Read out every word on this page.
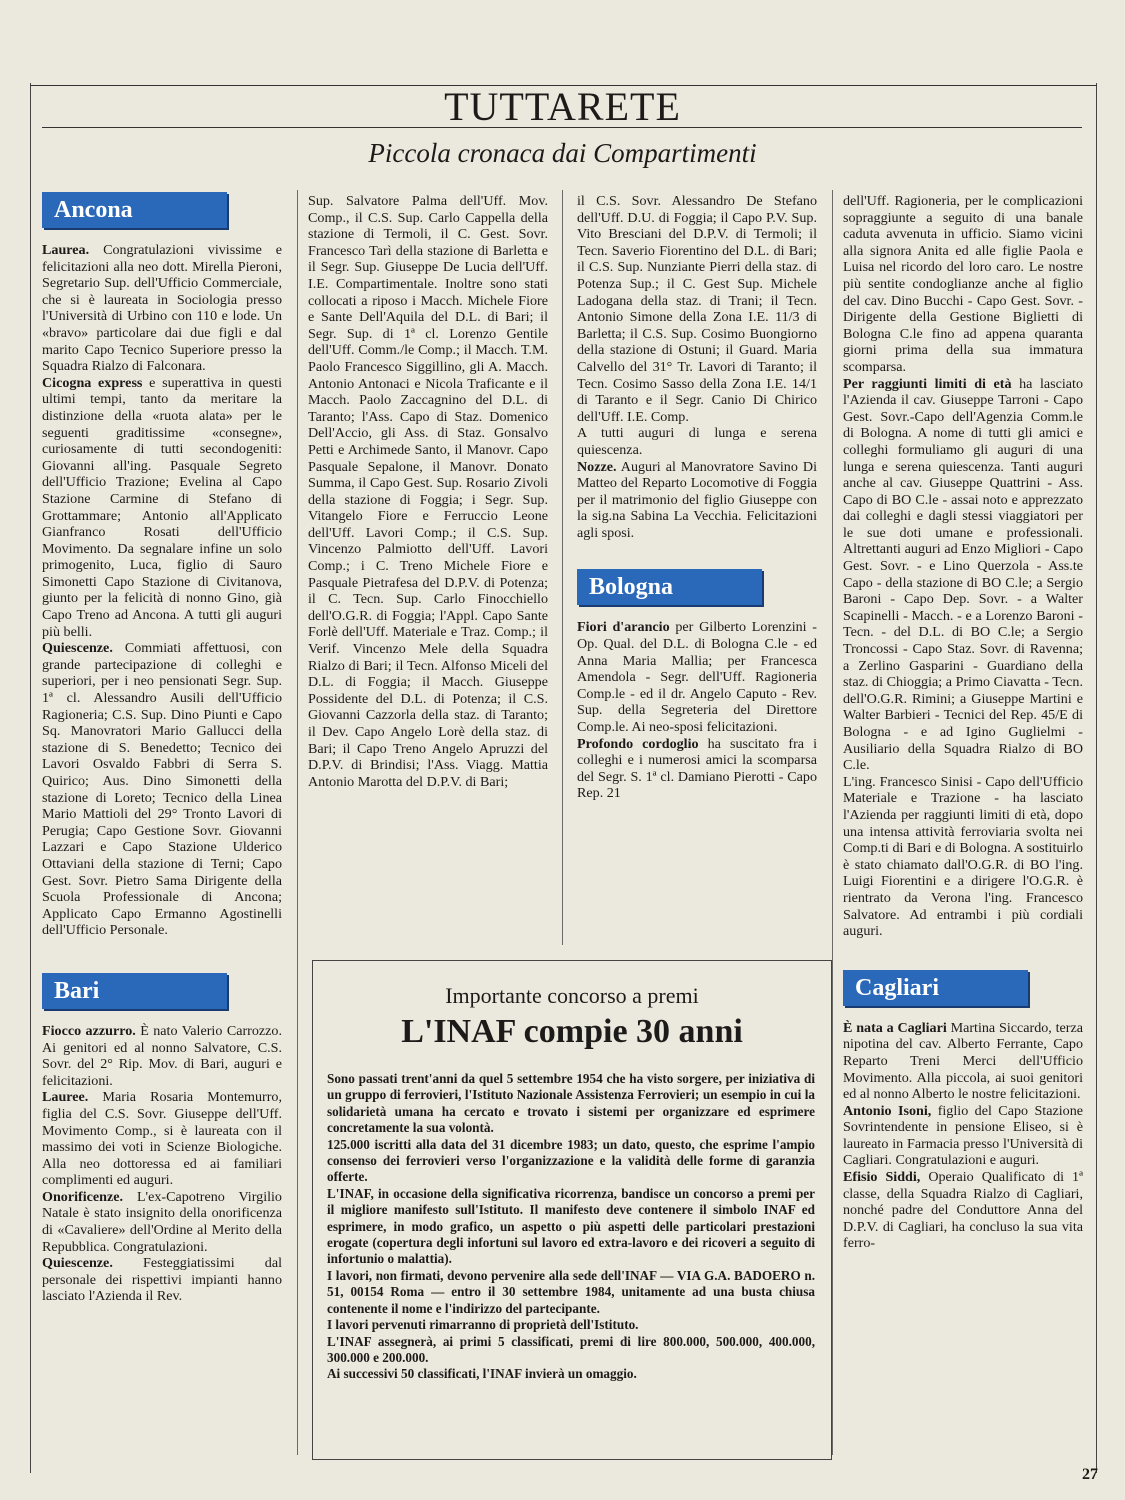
TUTTARETE
Piccola cronaca dai Compartimenti
Ancona

Laurea. Congratulazioni vivissime e felicitazioni alla neo dott. Mirella Pieroni, Segretario Sup. dell'Ufficio Commerciale, che si è laureata in Sociologia presso l'Università di Urbino con 110 e lode. Un «bravo» particolare dai due figli e dal marito Capo Tecnico Superiore presso la Squadra Rialzo di Falconara.

Cicogna express e superattiva in questi ultimi tempi, tanto da meritare la distinzione della «ruota alata» per le seguenti graditissime «consegne», curiosamente di tutti secondogeniti: Giovanni all'ing. Pasquale Segreto dell'Ufficio Trazione; Evelina al Capo Stazione Carmine di Stefano di Grottammare; Antonio all'Applicato Gianfranco Rosati dell'Ufficio Movimento. Da segnalare infine un solo primogenito, Luca, figlio di Sauro Simonetti Capo Stazione di Civitanova, giunto per la felicità di nonno Gino, già Capo Treno ad Ancona. A tutti gli auguri più belli.

Quiescenze. Commiati affettuosi, con grande partecipazione di colleghi e superiori, per i neo pensionati Segr. Sup. 1ª cl. Alessandro Ausili dell'Ufficio Ragioneria; C.S. Sup. Dino Piunti e Capo Sq. Manovratori Mario Gallucci della stazione di S. Benedetto; Tecnico dei Lavori Osvaldo Fabbri di Serra S. Quirico; Aus. Dino Simonetti della stazione di Loreto; Tecnico della Linea Mario Mattioli del 29° Tronto Lavori di Perugia; Capo Gestione Sovr. Giovanni Lazzari e Capo Stazione Ulderico Ottaviani della stazione di Terni; Capo Gest. Sovr. Pietro Sama Dirigente della Scuola Professionale di Ancona; Applicato Capo Ermanno Agostinelli dell'Ufficio Personale.

Bari

Fiocco azzurro. È nato Valerio Carrozzo. Ai genitori ed al nonno Salvatore, C.S. Sovr. del 2° Rip. Mov. di Bari, auguri e felicitazioni.

Lauree. Maria Rosaria Montemurro, figlia del C.S. Sovr. Giuseppe dell'Uff. Movimento Comp., si è laureata con il massimo dei voti in Scienze Biologiche. Alla neo dottoressa ed ai familiari complimenti ed auguri.

Onorificenze. L'ex-Capotreno Virgilio Natale è stato insignito della onorificenza di «Cavaliere» dell'Ordine al Merito della Repubblica. Congratulazioni.

Quiescenze. Festeggiatissimi dal personale dei rispettivi impianti hanno lasciato l'Azienda il Rev.

Sup. Salvatore Palma dell'Uff. Mov. Comp., il C.S. Sup. Carlo Cappella della stazione di Termoli, il C. Gest. Sovr. Francesco Tarì della stazione di Barletta e il Segr. Sup. Giuseppe De Lucia dell'Uff. I.E. Compartimentale. Inoltre sono stati collocati a riposo i Macch. Michele Fiore e Sante Dell'Aquila del D.L. di Bari; il Segr. Sup. di 1ª cl. Lorenzo Gentile dell'Uff. Comm./le Comp.; il Macch. T.M. Paolo Francesco Siggillino, gli A. Macch. Antonio Antonaci e Nicola Traficante e il Macch. Paolo Zaccagnino del D.L. di Taranto; l'Ass. Capo di Staz. Domenico Dell'Accio, gli Ass. di Staz. Gonsalvo Petti e Archimede Santo, il Manovr. Capo Pasquale Sepalone, il Manovr. Donato Summa, il Capo Gest. Sup. Rosario Zivoli della stazione di Foggia; i Segr. Sup. Vitangelo Fiore e Ferruccio Leone dell'Uff. Lavori Comp.; il C.S. Sup. Vincenzo Palmiotto dell'Uff. Lavori Comp.; i C. Treno Michele Fiore e Pasquale Pietrafesa del D.P.V. di Potenza; il C. Tecn. Sup. Carlo Finocchiello dell'O.G.R. di Foggia; l'Appl. Capo Sante Forlè dell'Uff. Materiale e Traz. Comp.; il Verif. Vincenzo Mele della Squadra Rialzo di Bari; il Tecn. Alfonso Miceli del D.L. di Foggia; il Macch. Giuseppe Possidente del D.L. di Potenza; il C.S. Giovanni Cazzorla della staz. di Taranto; il Dev. Capo Angelo Lorè della staz. di Bari; il Capo Treno Angelo Apruzzi del D.P.V. di Brindisi; l'Ass. Viagg. Mattia Antonio Marotta del D.P.V. di Bari;

il C.S. Sovr. Alessandro De Stefano dell'Uff. D.U. di Foggia; il Capo P.V. Sup. Vito Bresciani del D.P.V. di Termoli; il Tecn. Saverio Fiorentino del D.L. di Bari; il C.S. Sup. Nunziante Pierri della staz. di Potenza Sup.; il C. Gest Sup. Michele Ladogana della staz. di Trani; il Tecn. Antonio Simone della Zona I.E. 11/3 di Barletta; il C.S. Sup. Cosimo Buongiorno della stazione di Ostuni; il Guard. Maria Calvello del 31° Tr. Lavori di Taranto; il Tecn. Cosimo Sasso della Zona I.E. 14/1 di Taranto e il Segr. Canio Di Chirico dell'Uff. I.E. Comp.

A tutti auguri di lunga e serena quiescenza.

Nozze. Auguri al Manovratore Savino Di Matteo del Reparto Locomotive di Foggia per il matrimonio del figlio Giuseppe con la sig.na Sabina La Vecchia. Felicitazioni agli sposi.

Bologna

Fiori d'arancio per Gilberto Lorenzini - Op. Qual. del D.L. di Bologna C.le - ed Anna Maria Mallia; per Francesca Amendola - Segr. dell'Uff. Ragioneria Comp.le - ed il dr. Angelo Caputo - Rev. Sup. della Segreteria del Direttore Comp.le. Ai neo-sposi felicitazioni.

Profondo cordoglio ha suscitato fra i colleghi e i numerosi amici la scomparsa del Segr. S. 1ª cl. Damiano Pierotti - Capo Rep. 21

dell'Uff. Ragioneria, per le complicazioni sopraggiunte a seguito di una banale caduta avvenuta in ufficio. Siamo vicini alla signora Anita ed alle figlie Paola e Luisa nel ricordo del loro caro. Le nostre più sentite condoglianze anche al figlio del cav. Dino Bucchi - Capo Gest. Sovr. - Dirigente della Gestione Biglietti di Bologna C.le fino ad appena quaranta giorni prima della sua immatura scomparsa.

Per raggiunti limiti di età ha lasciato l'Azienda il cav. Giuseppe Tarroni - Capo Gest. Sovr.-Capo dell'Agenzia Comm.le di Bologna. A nome di tutti gli amici e colleghi formuliamo gli auguri di una lunga e serena quiescenza. Tanti auguri anche al cav. Giuseppe Quattrini - Ass. Capo di BO C.le - assai noto e apprezzato dai colleghi e dagli stessi viaggiatori per le sue doti umane e professionali. Altrettanti auguri ad Enzo Migliori - Capo Gest. Sovr. - e Lino Querzola - Ass.te Capo - della stazione di BO C.le; a Sergio Baroni - Capo Dep. Sovr. - a Walter Scapinelli - Macch. - e a Lorenzo Baroni - Tecn. - del D.L. di BO C.le; a Sergio Troncossi - Capo Staz. Sovr. di Ravenna; a Zerlino Gasparini - Guardiano della staz. di Chioggia; a Primo Ciavatta - Tecn. dell'O.G.R. Rimini; a Giuseppe Martini e Walter Barbieri - Tecnici del Rep. 45/E di Bologna - e ad Igino Guglielmi - Ausiliario della Squadra Rialzo di BO C.le.

L'ing. Francesco Sinisi - Capo dell'Ufficio Materiale e Trazione - ha lasciato l'Azienda per raggiunti limiti di età, dopo una intensa attività ferroviaria svolta nei Comp.ti di Bari e di Bologna. A sostituirlo è stato chiamato dall'O.G.R. di BO l'ing. Luigi Fiorentini e a dirigere l'O.G.R. è rientrato da Verona l'ing. Francesco Salvatore. Ad entrambi i più cordiali auguri.

Cagliari

È nata a Cagliari Martina Siccardo, terza nipotina del cav. Alberto Ferrante, Capo Reparto Treni Merci dell'Ufficio Movimento. Alla piccola, ai suoi genitori ed al nonno Alberto le nostre felicitazioni.

Antonio Isoni, figlio del Capo Stazione Sovrintendente in pensione Eliseo, si è laureato in Farmacia presso l'Università di Cagliari. Congratulazioni e auguri.

Efisio Siddi, Operaio Qualificato di 1ª classe, della Squadra Rialzo di Cagliari, nonché padre del Conduttore Anna del D.P.V. di Cagliari, ha concluso la sua vita ferro-

Importante concorso a premi
L'INAF compie 30 anni

Sono passati trent'anni da quel 5 settembre 1954 che ha visto sorgere, per iniziativa di un gruppo di ferrovieri, l'Istituto Nazionale Assistenza Ferrovieri; un esempio in cui la solidarietà umana ha cercato e trovato i sistemi per organizzare ed esprimere concretamente la sua volontà.

125.000 iscritti alla data del 31 dicembre 1983; un dato, questo, che esprime l'ampio consenso dei ferrovieri verso l'organizzazione e la validità delle forme di garanzia offerte.

L'INAF, in occasione della significativa ricorrenza, bandisce un concorso a premi per il migliore manifesto sull'Istituto. Il manifesto deve contenere il simbolo INAF ed esprimere, in modo grafico, un aspetto o più aspetti delle particolari prestazioni erogate (copertura degli infortuni sul lavoro ed extra-lavoro e dei ricoveri a seguito di infortunio o malattia).

I lavori, non firmati, devono pervenire alla sede dell'INAF — VIA G.A. BADOERO n. 51, 00154 Roma — entro il 30 settembre 1984, unitamente ad una busta chiusa contenente il nome e l'indirizzo del partecipante.

I lavori pervenuti rimarranno di proprietà dell'Istituto.

L'INAF assegnerà, ai primi 5 classificati, premi di lire 800.000, 500.000, 400.000, 300.000 e 200.000.

Ai successivi 50 classificati, l'INAF invierà un omaggio.

27
